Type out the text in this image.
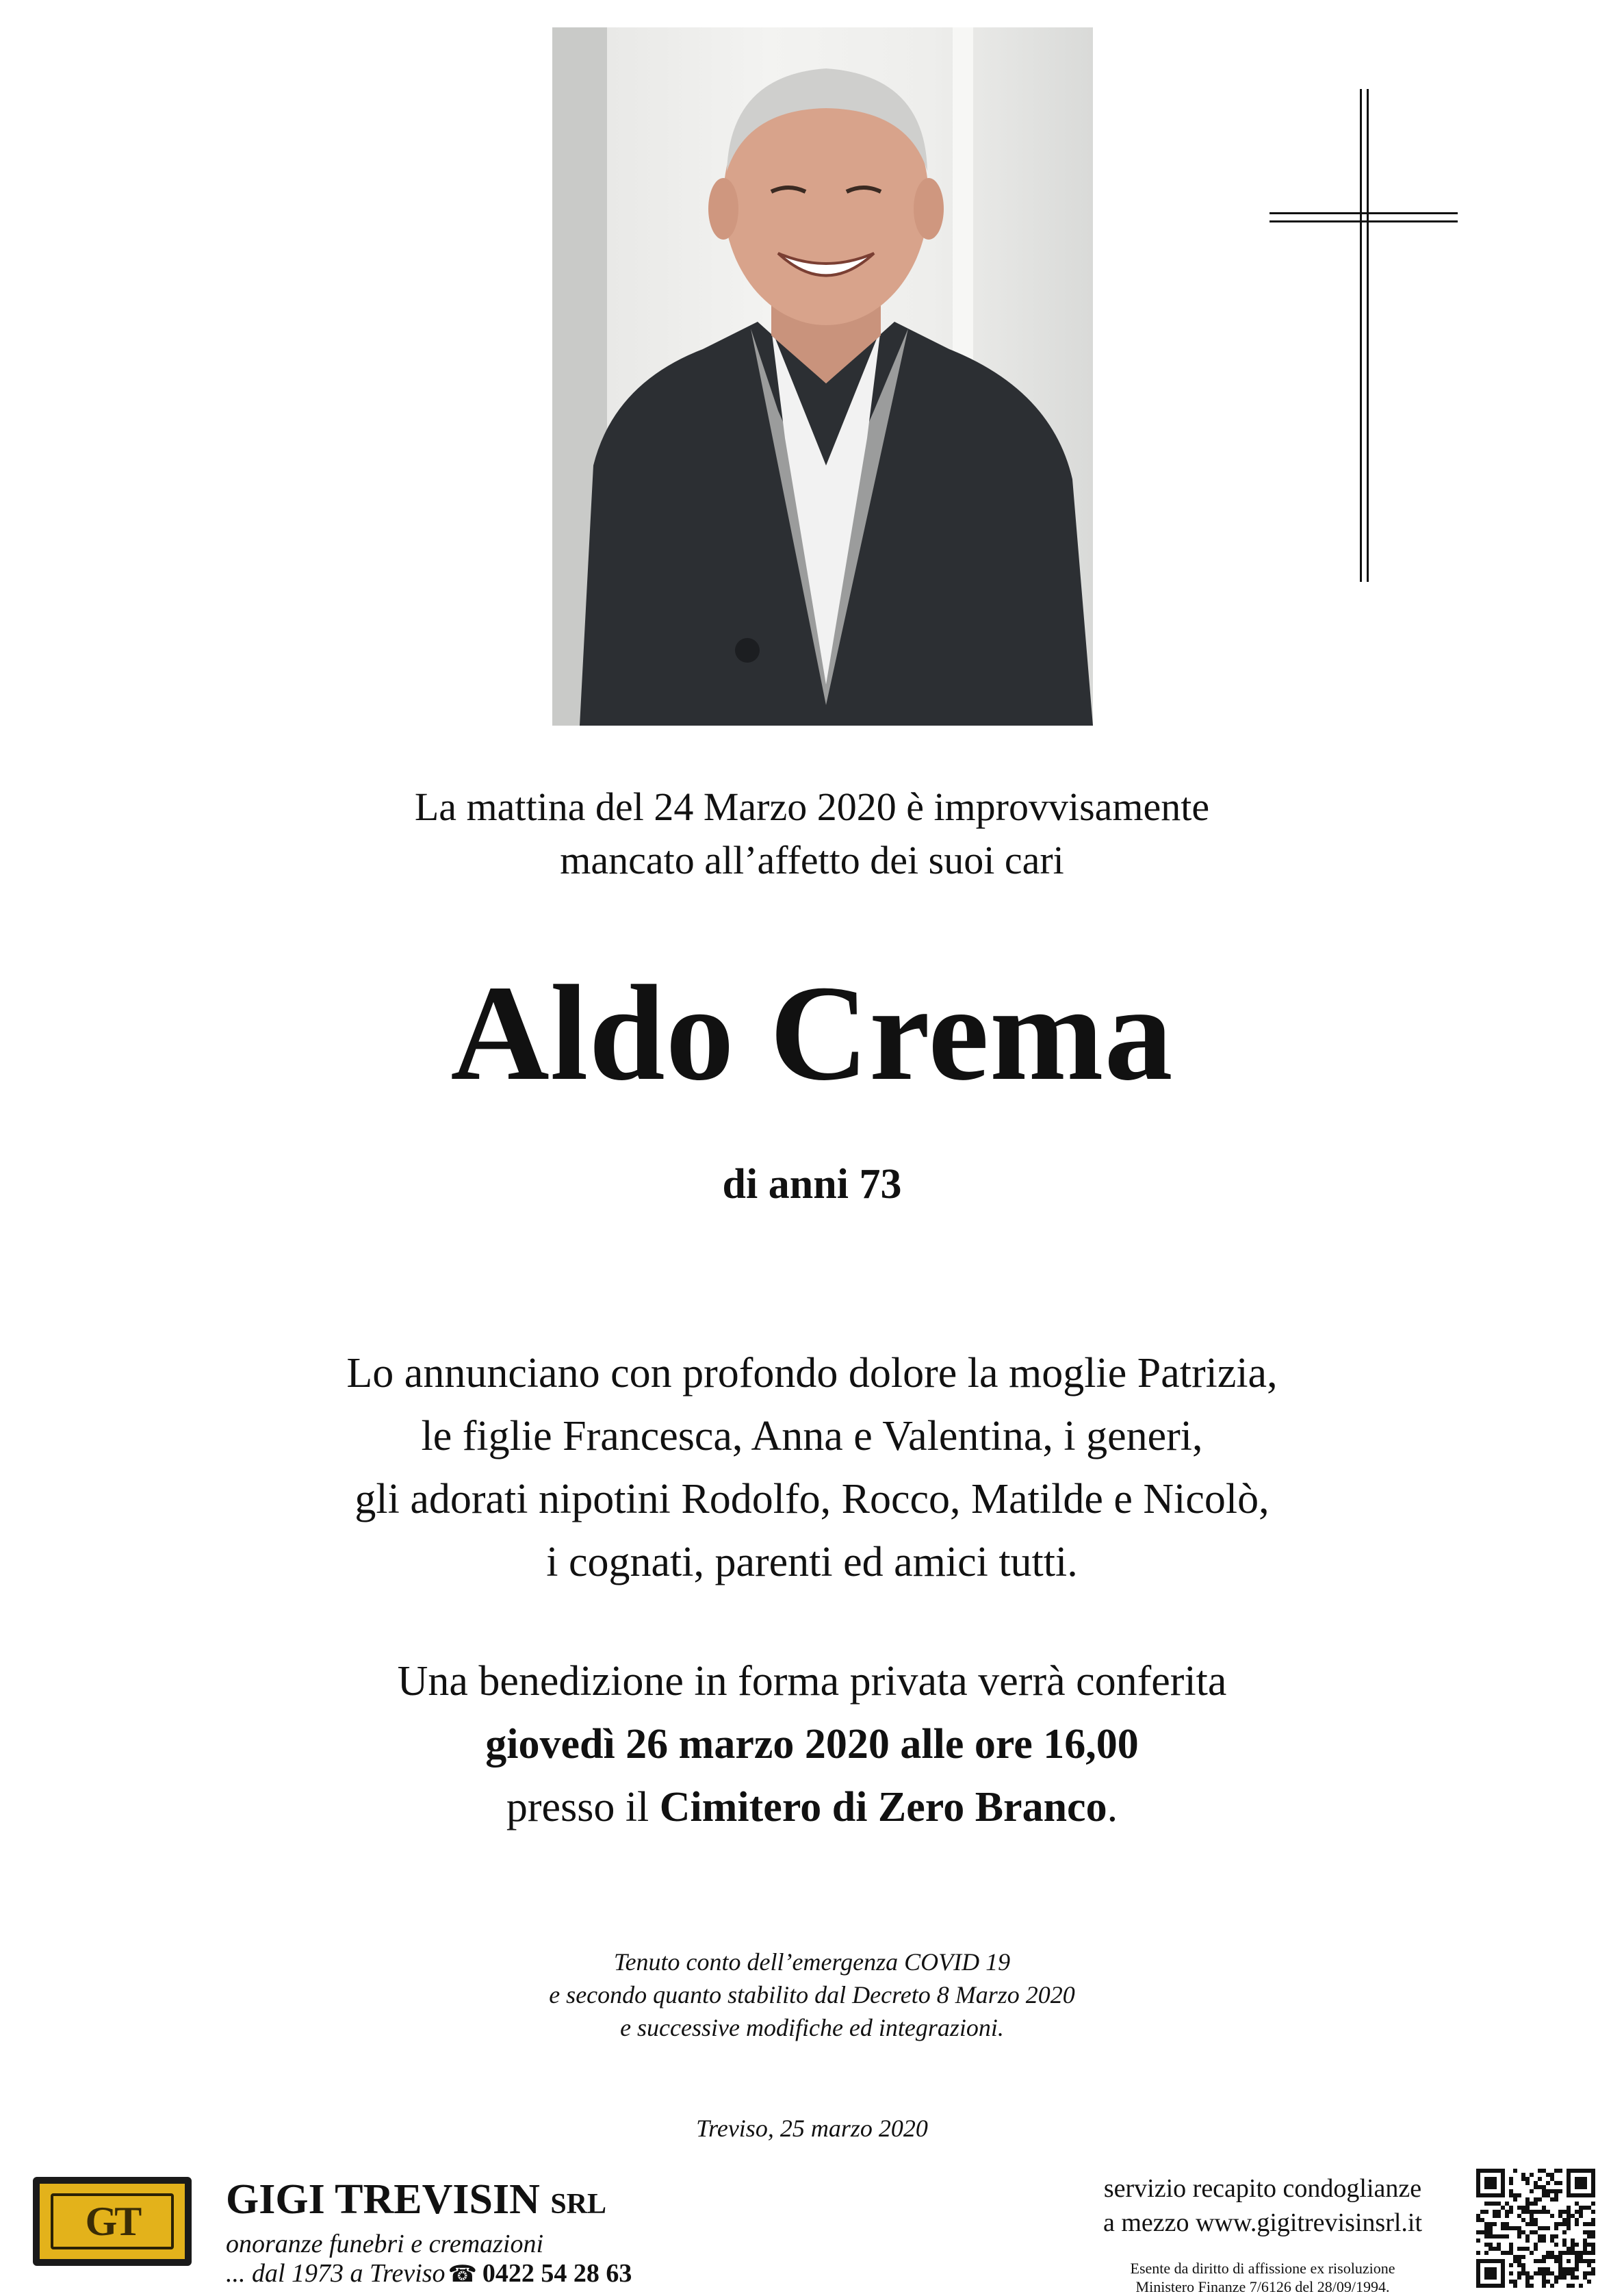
La mattina del 24 Marzo 2020 è improvvisamente
mancato all’affetto dei suoi cari
Aldo Crema
di anni 73
Lo annunciano con profondo dolore la moglie Patrizia,
le figlie Francesca, Anna e Valentina, i generi,
gli adorati nipotini Rodolfo, Rocco, Matilde e Nicolò,
i cognati, parenti ed amici tutti.
Una benedizione in forma privata verrà conferita
giovedì 26 marzo 2020 alle ore 16,00
presso il Cimitero di Zero Branco.
Tenuto conto dell’emergenza COVID 19
e secondo quanto stabilito dal Decreto 8 Marzo 2020
e successive modifiche ed integrazioni.
Treviso, 25 marzo 2020
GT	GIGI TREVISIN SRL
onoranze funebri e cremazioni
... dal 1973 a Treviso ☎ 0422 54 28 63
servizio recapito condoglianze
a mezzo www.gigitrevisinsrl.it
Esente da diritto di affissione ex risoluzione
Ministero Finanze 7/6126 del 28/09/1994.
